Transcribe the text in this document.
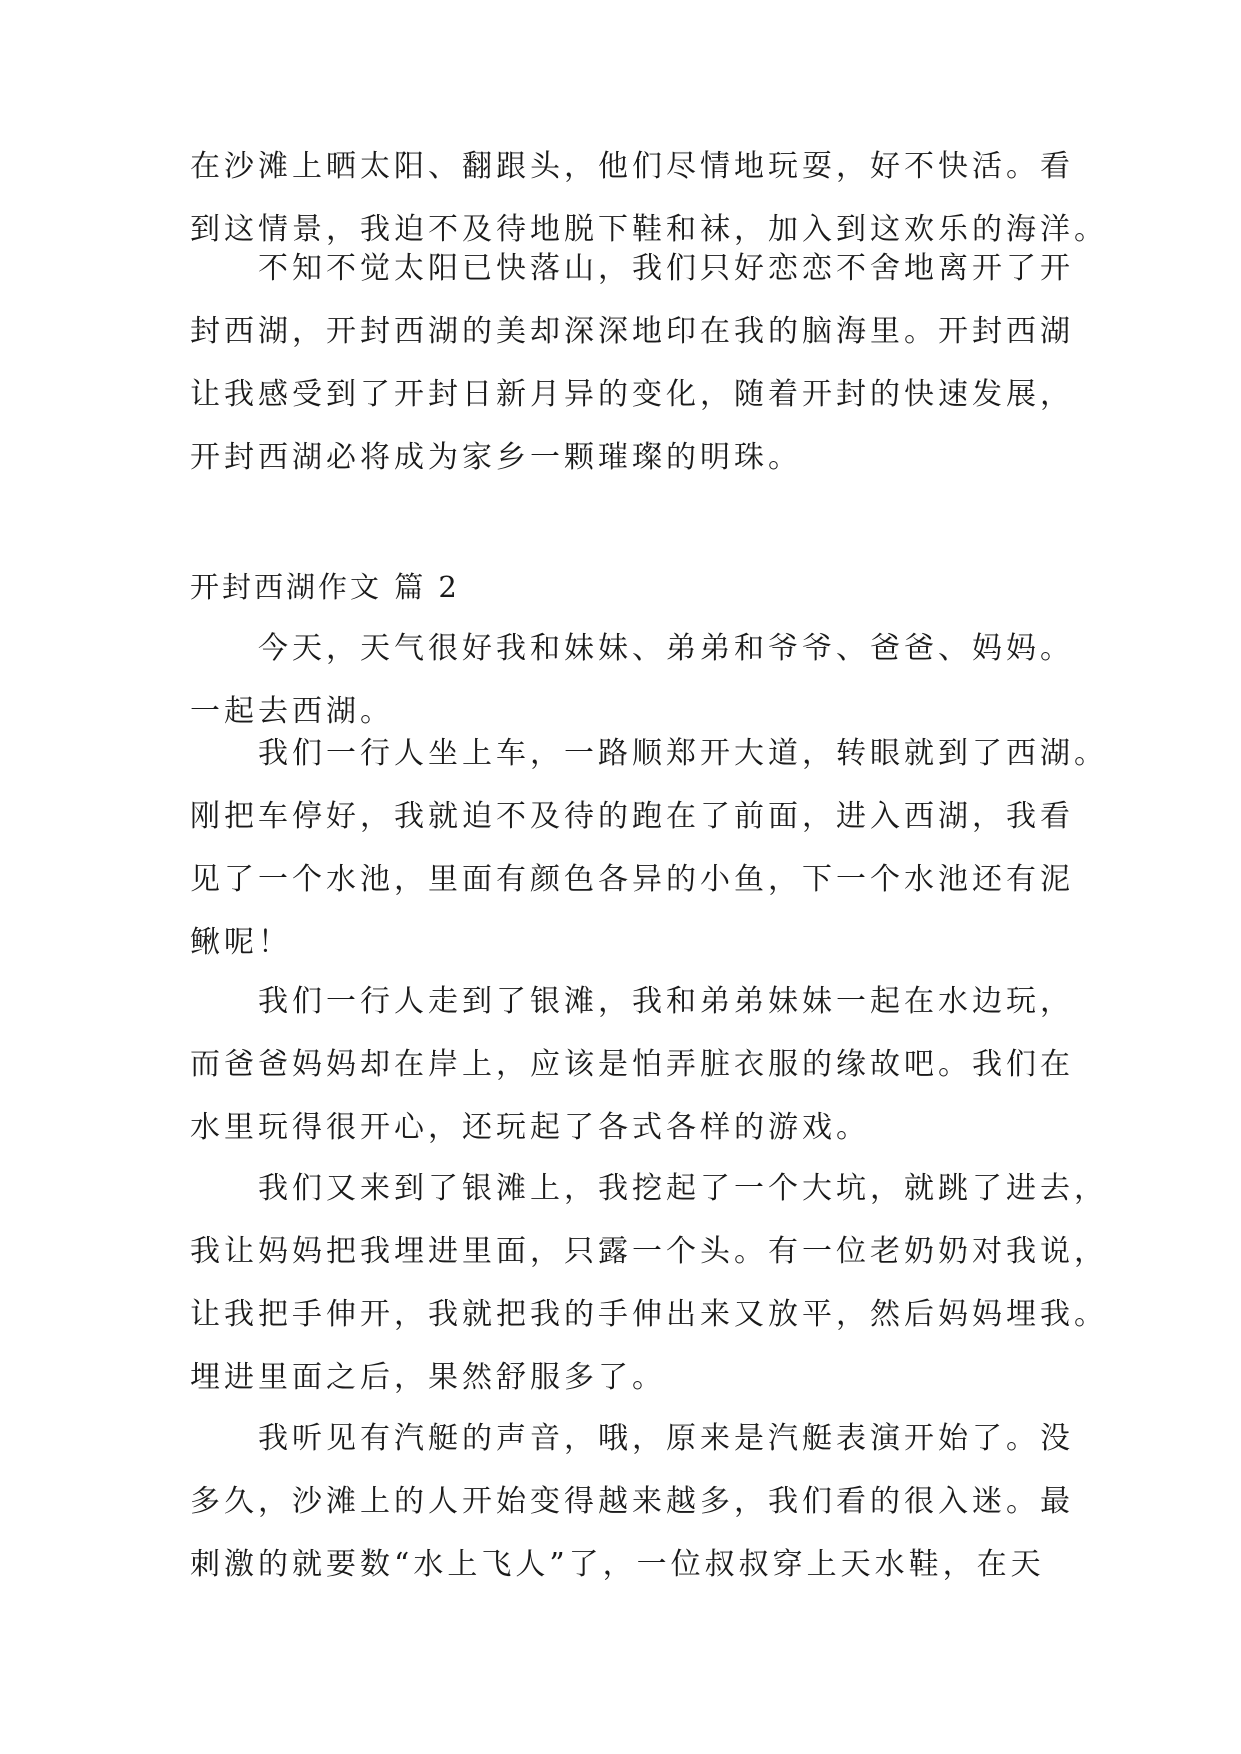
在沙滩上晒太阳、翻跟头，他们尽情地玩耍，好不快活。看
到这情景，我迫不及待地脱下鞋和袜，加入到这欢乐的海洋。
不知不觉太阳已快落山，我们只好恋恋不舍地离开了开
封西湖，开封西湖的美却深深地印在我的脑海里。开封西湖
让我感受到了开封日新月异的变化，随着开封的快速发展，
开封西湖必将成为家乡一颗璀璨的明珠。
开封西湖作文 篇 2
今天，天气很好我和妹妹、弟弟和爷爷、爸爸、妈妈。
一起去西湖。
我们一行人坐上车，一路顺郑开大道，转眼就到了西湖。
刚把车停好，我就迫不及待的跑在了前面，进入西湖，我看
见了一个水池，里面有颜色各异的小鱼，下一个水池还有泥
鳅呢！
我们一行人走到了银滩，我和弟弟妹妹一起在水边玩，
而爸爸妈妈却在岸上，应该是怕弄脏衣服的缘故吧。我们在
水里玩得很开心，还玩起了各式各样的游戏。
我们又来到了银滩上，我挖起了一个大坑，就跳了进去，
我让妈妈把我埋进里面，只露一个头。有一位老奶奶对我说，
让我把手伸开，我就把我的手伸出来又放平，然后妈妈埋我。
埋进里面之后，果然舒服多了。
我听见有汽艇的声音，哦，原来是汽艇表演开始了。没
多久，沙滩上的人开始变得越来越多，我们看的很入迷。最
刺激的就要数“水上飞人”了，一位叔叔穿上天水鞋，在天
